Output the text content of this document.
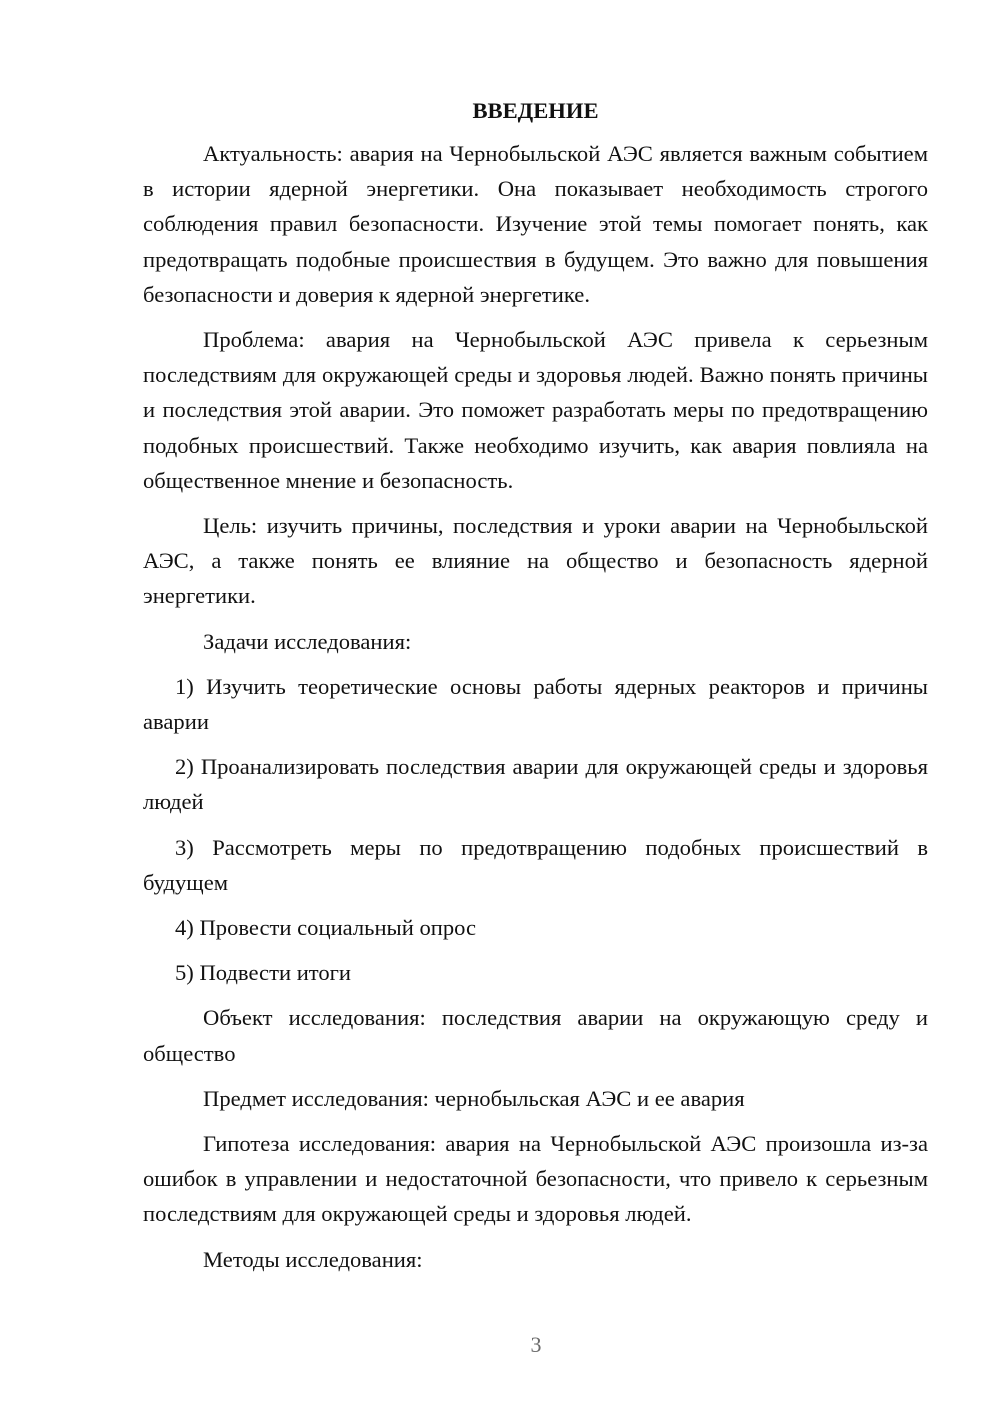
ВВЕДЕНИЕ

Актуальность: авария на Чернобыльской АЭС является важным событием в истории ядерной энергетики. Она показывает необходимость строгого соблюдения правил безопасности. Изучение этой темы помогает понять, как предотвращать подобные происшествия в будущем. Это важно для повышения безопасности и доверия к ядерной энергетике.

Проблема: авария на Чернобыльской АЭС привела к серьезным последствиям для окружающей среды и здоровья людей. Важно понять причины и последствия этой аварии. Это поможет разработать меры по предотвращению подобных происшествий. Также необходимо изучить, как авария повлияла на общественное мнение и безопасность.

Цель: изучить причины, последствия и уроки аварии на Чернобыльской АЭС, а также понять ее влияние на общество и безопасность ядерной энергетики.

Задачи исследования:

1) Изучить теоретические основы работы ядерных реакторов и причины аварии

2) Проанализировать последствия аварии для окружающей среды и здоровья людей

3) Рассмотреть меры по предотвращению подобных происшествий в будущем

4) Провести социальный опрос

5) Подвести итоги

Объект исследования: последствия аварии на окружающую среду и общество

Предмет исследования: чернобыльская АЭС и ее авария

Гипотеза исследования: авария на Чернобыльской АЭС произошла из-за ошибок в управлении и недостаточной безопасности, что привело к серьезным последствиям для окружающей среды и здоровья людей.

Методы исследования:

3
